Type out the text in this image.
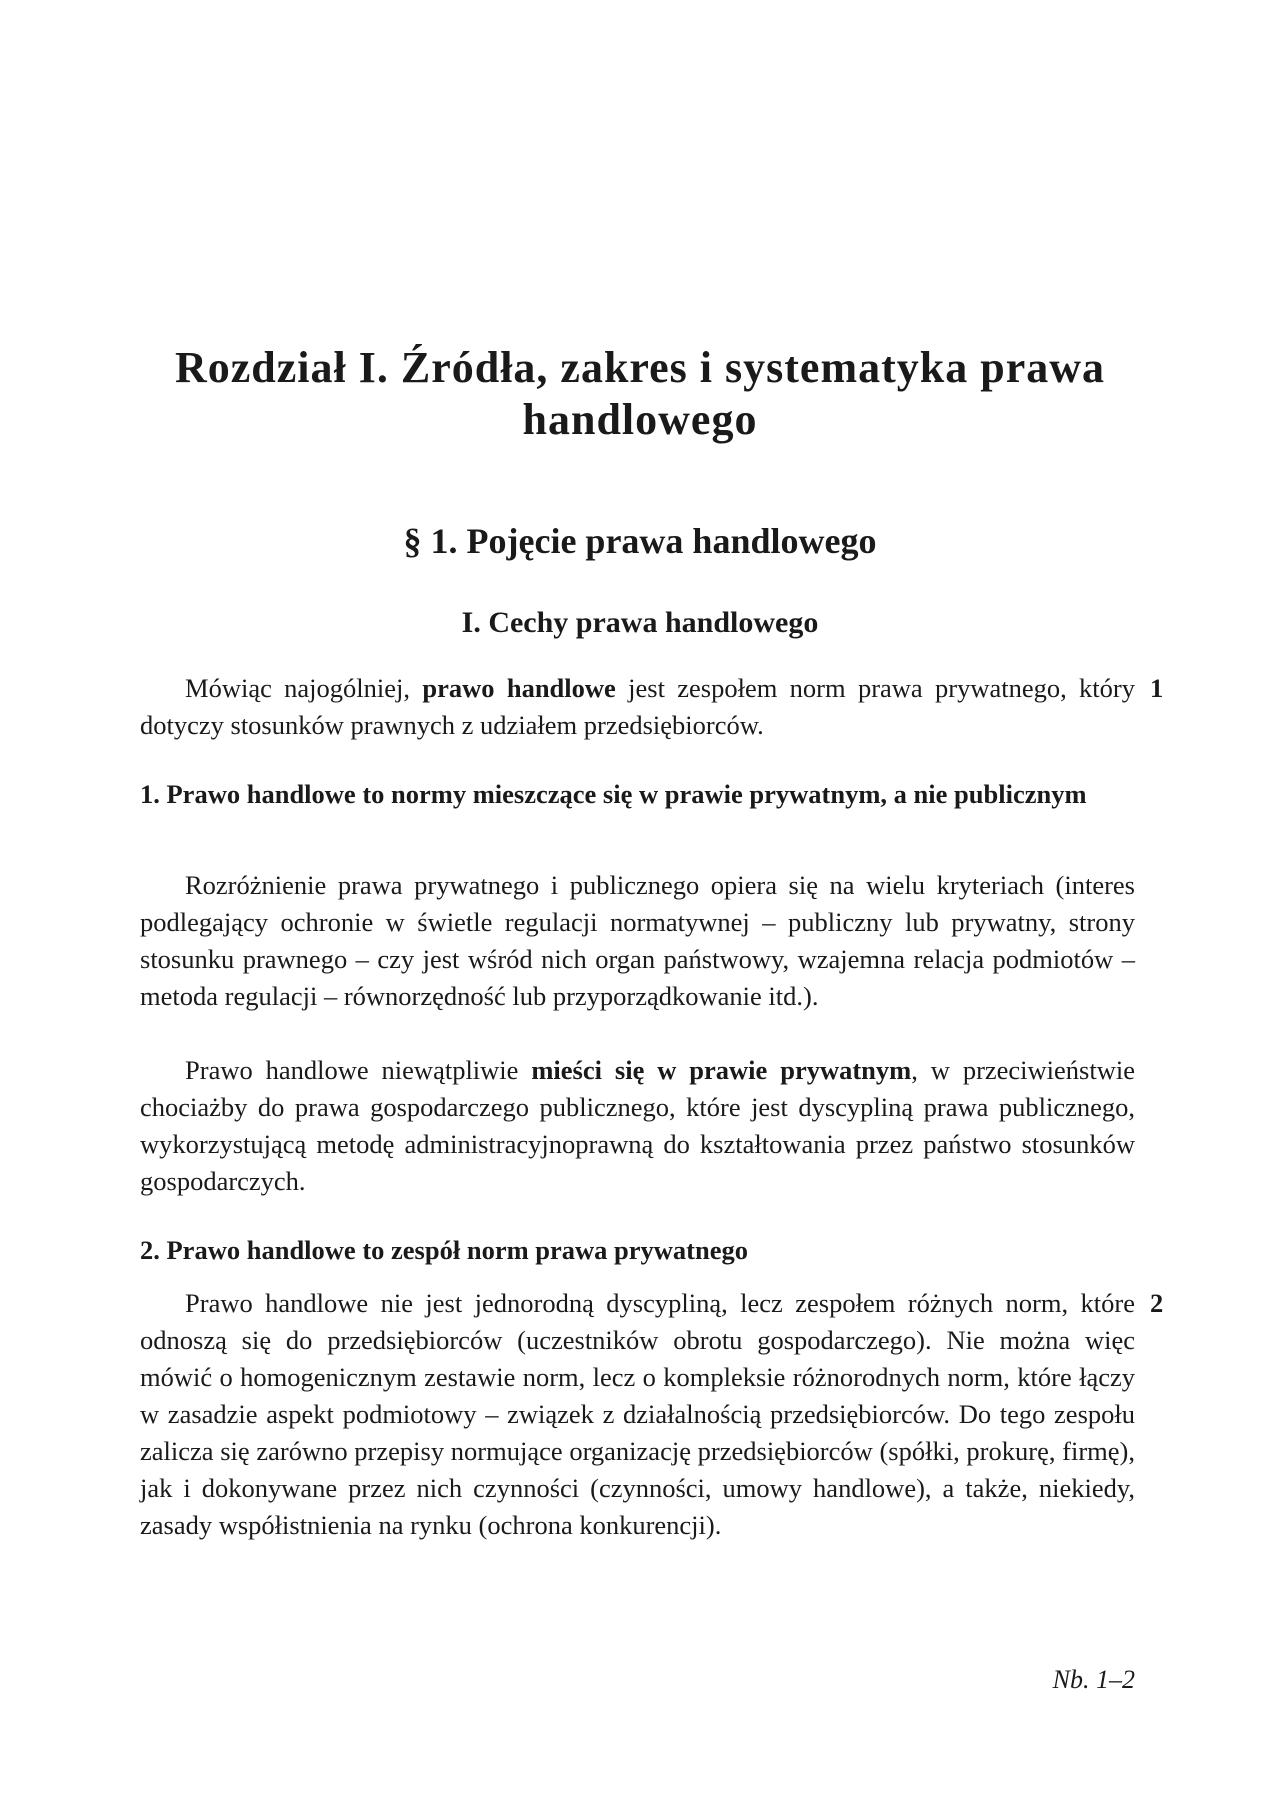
Rozdział I. Źródła, zakres i systematyka prawa
handlowego
§ 1. Pojęcie prawa handlowego
I. Cechy prawa handlowego

Mówiąc najogólniej, prawo handlowe jest zespołem norm prawa prywatnego, który dotyczy stosunków prawnych z udziałem przedsiębiorców.

1
1. Prawo handlowe to normy mieszczące się w prawie prywatnym, a nie publicznym

Rozróżnienie prawa prywatnego i publicznego opiera się na wielu kryteriach (interes podlegający ochronie w świetle regulacji normatywnej – publiczny lub prywatny, strony stosunku prawnego – czy jest wśród nich organ państwowy, wzajemna relacja podmiotów – metoda regulacji – równorzędność lub przyporządkowanie itd.).

Prawo handlowe niewątpliwie mieści się w prawie prywatnym, w przeciwieństwie chociażby do prawa gospodarczego publicznego, które jest dyscypliną prawa publicznego, wykorzystującą metodę administracyjnoprawną do kształtowania przez państwo stosunków gospodarczych.

2. Prawo handlowe to zespół norm prawa prywatnego

Prawo handlowe nie jest jednorodną dyscypliną, lecz zespołem różnych norm, które odnoszą się do przedsiębiorców (uczestników obrotu gospodarczego). Nie można więc mówić o homogenicznym zestawie norm, lecz o kompleksie różnorodnych norm, które łączy w zasadzie aspekt podmiotowy – związek z działalnością przedsiębiorców. Do tego zespołu zalicza się zarówno przepisy normujące organizację przedsiębiorców (spółki, prokurę, firmę), jak i dokonywane przez nich czynności (czynności, umowy handlowe), a także, niekiedy, zasady współistnienia na rynku (ochrona konkurencji).

2
Nb. 1–2
